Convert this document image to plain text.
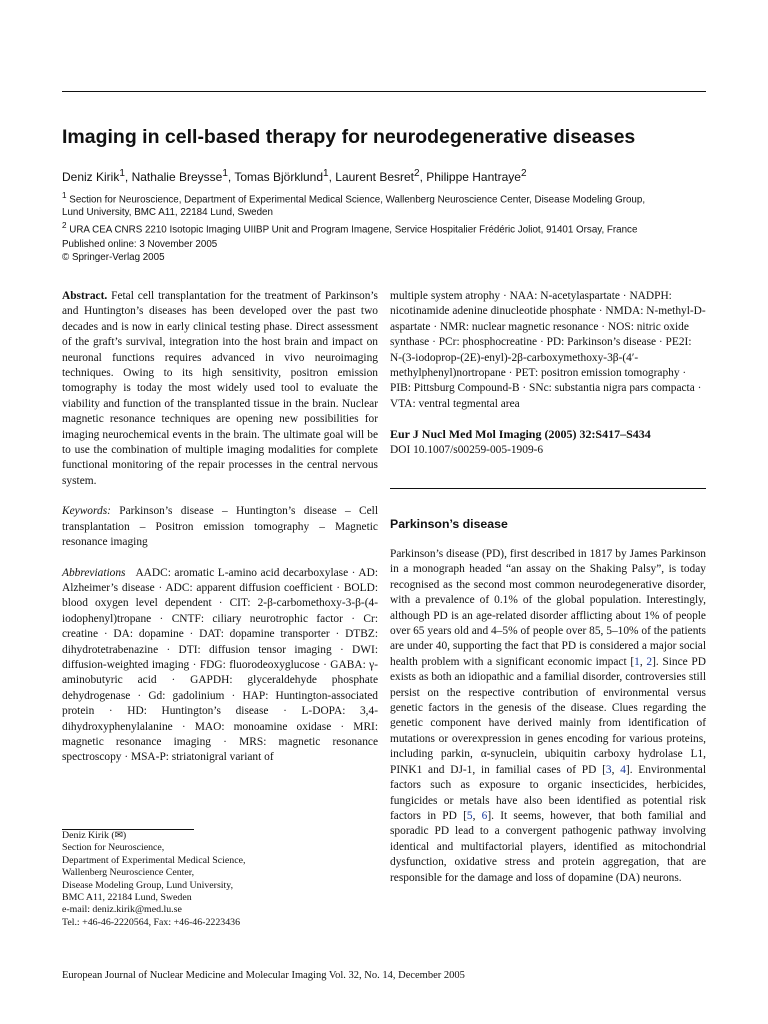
Imaging in cell-based therapy for neurodegenerative diseases
Deniz Kirik$^1$, Nathalie Breysse$^1$, Tomas Björklund$^1$, Laurent Besret$^2$, Philippe Hantraye$^2$
$^1$ Section for Neuroscience, Department of Experimental Medical Science, Wallenberg Neuroscience Center, Disease Modeling Group,
Lund University, BMC A11, 22184 Lund, Sweden
$^2$ URA CEA CNRS 2210 Isotopic Imaging UIIBP Unit and Program Imagene, Service Hospitalier Frédéric Joliot, 91401 Orsay, France
Published online: 3 November 2005
© Springer-Verlag 2005

Abstract. Fetal cell transplantation for the treatment of Parkinson’s and Huntington’s diseases has been developed over the past two decades and is now in early clinical testing phase. Direct assessment of the graft’s survival, integration into the host brain and impact on neuronal functions requires advanced in vivo neuroimaging techniques. Owing to its high sensitivity, positron emission tomography is today the most widely used tool to evaluate the viability and function of the transplanted tissue in the brain. Nuclear magnetic resonance techniques are opening new possibilities for imaging neurochemical events in the brain. The ultimate goal will be to use the combination of multiple imaging modalities for complete functional monitoring of the repair processes in the central nervous system.

Keywords: Parkinson’s disease – Huntington’s disease – Cell transplantation – Positron emission tomography – Magnetic resonance imaging

Abbreviations AADC: aromatic L-amino acid decarboxylase · AD: Alzheimer’s disease · ADC: apparent diffusion coefficient · BOLD: blood oxygen level dependent · CIT: 2-β-carbomethoxy-3-β-(4-iodophenyl)tropane · CNTF: ciliary neurotrophic factor · Cr: creatine · DA: dopamine · DAT: dopamine transporter · DTBZ: dihydrotetrabenazine · DTI: diffusion tensor imaging · DWI: diffusion-weighted imaging · FDG: fluorodeoxyglucose · GABA: γ-aminobutyric acid · GAPDH: glyceraldehyde phosphate dehydrogenase · Gd: gadolinium · HAP: Huntington-associated protein · HD: Huntington’s disease · L-DOPA: 3,4-dihydroxyphenylalanine · MAO: monoamine oxidase · MRI: magnetic resonance imaging · MRS: magnetic resonance spectroscopy · MSA-P: striatonigral variant of

Deniz Kirik (✉)
Section for Neuroscience,
Department of Experimental Medical Science,
Wallenberg Neuroscience Center,
Disease Modeling Group, Lund University,
BMC A11, 22184 Lund, Sweden
e-mail: deniz.kirik@med.lu.se
Tel.: +46-46-2220564, Fax: +46-46-2223436

multiple system atrophy · NAA: N-acetylaspartate · NADPH: nicotinamide adenine dinucleotide phosphate · NMDA: N-methyl-D-aspartate · NMR: nuclear magnetic resonance · NOS: nitric oxide synthase · PCr: phosphocreatine · PD: Parkinson’s disease · PE2I: N-(3-iodoprop-(2E)-enyl)-2β-carboxymethoxy-3β-(4′-methylphenyl)nortropane · PET: positron emission tomography · PIB: Pittsburg Compound-B · SNc: substantia nigra pars compacta · VTA: ventral tegmental area

Eur J Nucl Med Mol Imaging (2005) 32:S417–S434

DOI 10.1007/s00259-005-1909-6

Parkinson’s disease

Parkinson’s disease (PD), first described in 1817 by James Parkinson in a monograph headed “an assay on the Shaking Palsy”, is today recognised as the second most common neurodegenerative disorder, with a prevalence of 0.1% of the global population. Interestingly, although PD is an age-related disorder afflicting about 1% of people over 65 years old and 4–5% of people over 85, 5–10% of the patients are under 40, supporting the fact that PD is considered a major social health problem with a significant economic impact [1, 2]. Since PD exists as both an idiopathic and a familial disorder, controversies still persist on the respective contribution of environmental versus genetic factors in the genesis of the disease. Clues regarding the genetic component have derived mainly from identification of mutations or overexpression in genes encoding for various proteins, including parkin, α-synuclein, ubiquitin carboxy hydrolase L1, PINK1 and DJ-1, in familial cases of PD [3, 4]. Environmental factors such as exposure to organic insecticides, herbicides, fungicides or metals have also been identified as potential risk factors in PD [5, 6]. It seems, however, that both familial and sporadic PD lead to a convergent pathogenic pathway involving identical and multifactorial players, identified as mitochondrial dysfunction, oxidative stress and protein aggregation, that are responsible for the damage and loss of dopamine (DA) neurons.

European Journal of Nuclear Medicine and Molecular Imaging Vol. 32, No. 14, December 2005
